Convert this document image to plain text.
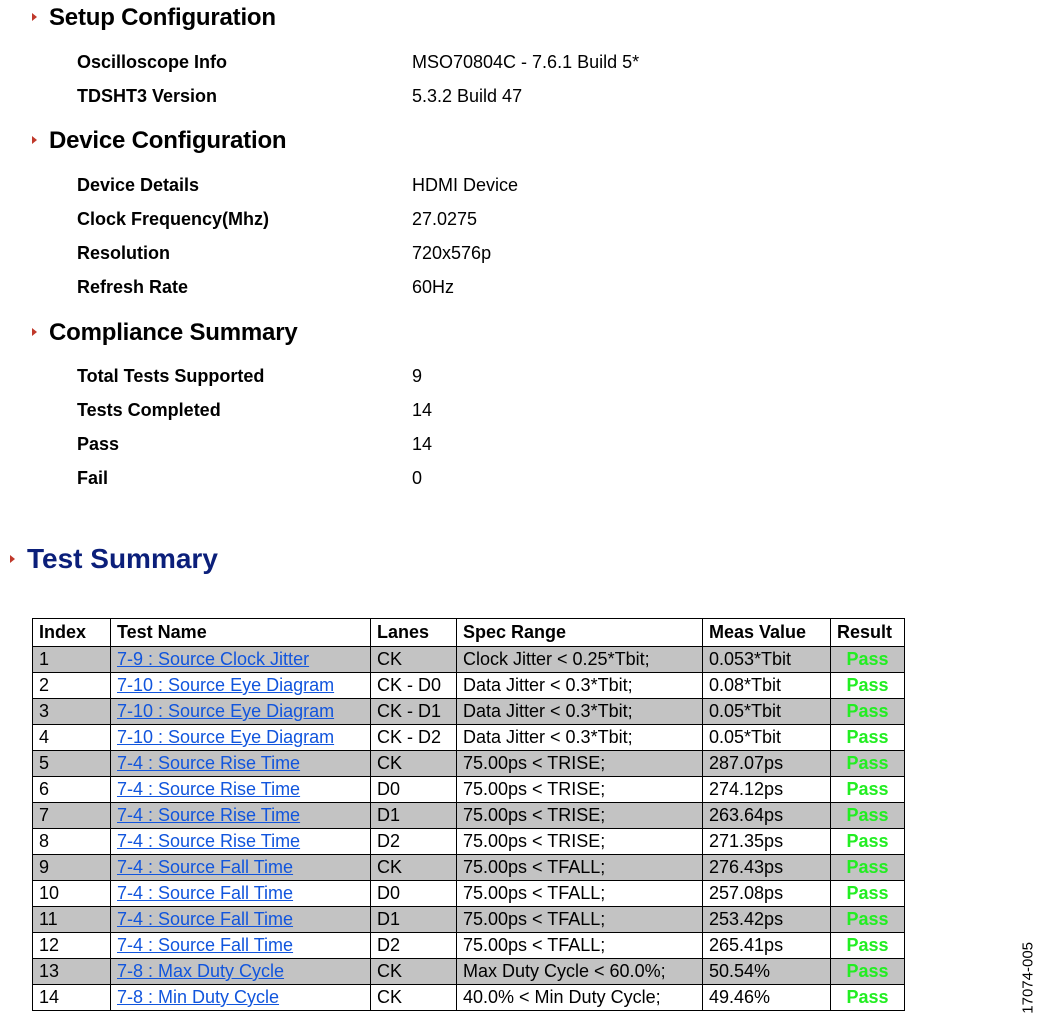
Setup Configuration
Oscilloscope Info	MSO70804C - 7.6.1 Build 5*
TDSHT3 Version	5.3.2 Build 47
Device Configuration
Device Details	HDMI Device
Clock Frequency(Mhz)	27.0275
Resolution	720x576p
Refresh Rate	60Hz
Compliance Summary
Total Tests Supported	9
Tests Completed	14
Pass	14
Fail	0
Test Summary
Index	Test Name	Lanes	Spec Range	Meas Value	Result
1	7-9 : Source Clock Jitter	CK	Clock Jitter < 0.25*Tbit;	0.053*Tbit	Pass
2	7-10 : Source Eye Diagram	CK - D0	Data Jitter < 0.3*Tbit;	0.08*Tbit	Pass
3	7-10 : Source Eye Diagram	CK - D1	Data Jitter < 0.3*Tbit;	0.05*Tbit	Pass
4	7-10 : Source Eye Diagram	CK - D2	Data Jitter < 0.3*Tbit;	0.05*Tbit	Pass
5	7-4 : Source Rise Time	CK	75.00ps < TRISE;	287.07ps	Pass
6	7-4 : Source Rise Time	D0	75.00ps < TRISE;	274.12ps	Pass
7	7-4 : Source Rise Time	D1	75.00ps < TRISE;	263.64ps	Pass
8	7-4 : Source Rise Time	D2	75.00ps < TRISE;	271.35ps	Pass
9	7-4 : Source Fall Time	CK	75.00ps < TFALL;	276.43ps	Pass
10	7-4 : Source Fall Time	D0	75.00ps < TFALL;	257.08ps	Pass
11	7-4 : Source Fall Time	D1	75.00ps < TFALL;	253.42ps	Pass
12	7-4 : Source Fall Time	D2	75.00ps < TFALL;	265.41ps	Pass
13	7-8 : Max Duty Cycle	CK	Max Duty Cycle < 60.0%;	50.54%	Pass
14	7-8 : Min Duty Cycle	CK	40.0% < Min Duty Cycle;	49.46%	Pass	17074-005
